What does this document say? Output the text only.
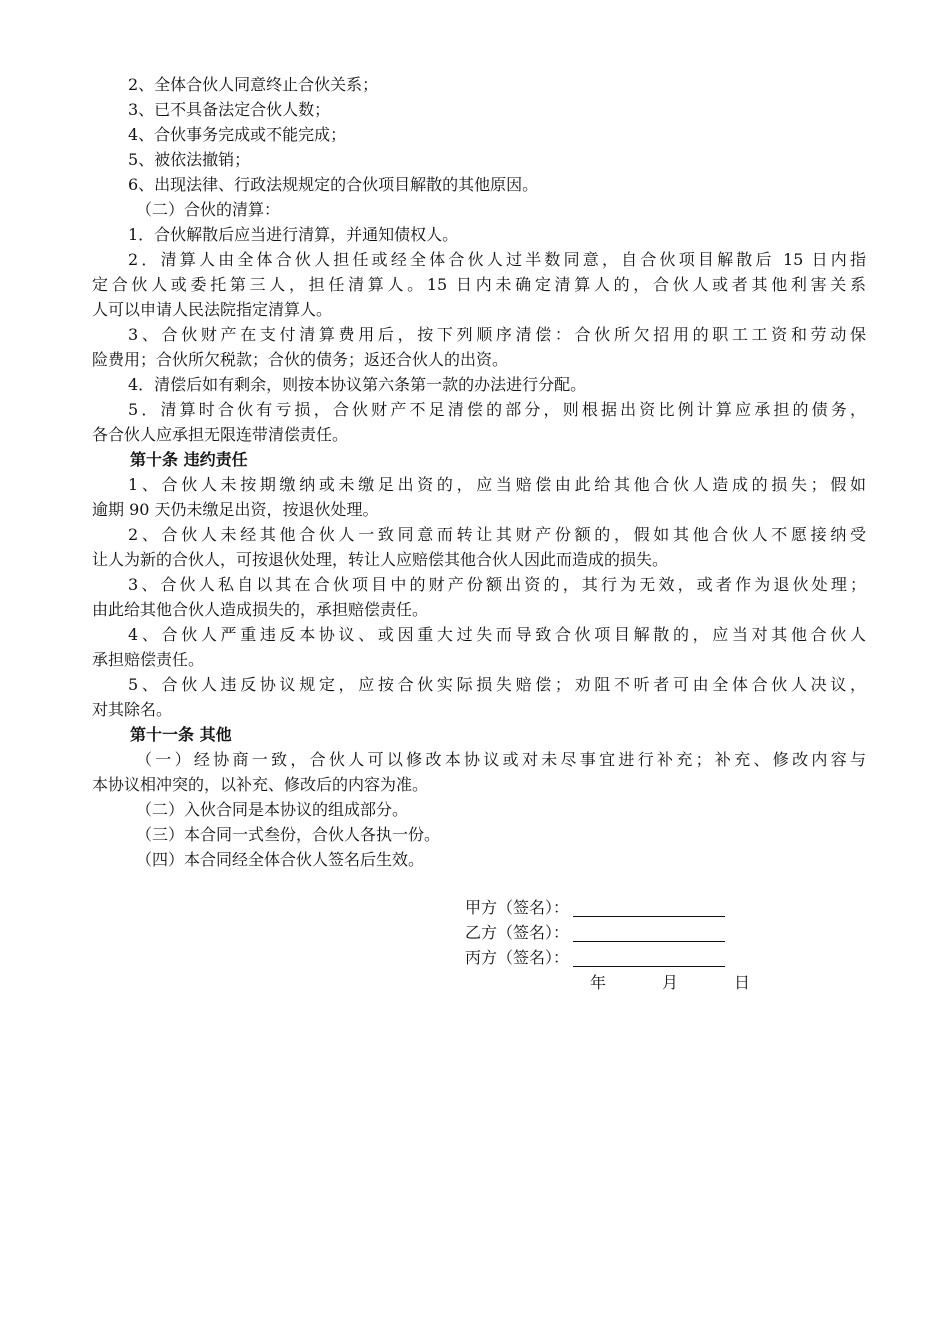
2、全体合伙人同意终止合伙关系；
3、已不具备法定合伙人数；
4、合伙事务完成或不能完成；
5、被依法撤销；
6、出现法律、行政法规规定的合伙项目解散的其他原因。
（二）合伙的清算：
1．合伙解散后应当进行清算，并通知债权人。
2．清算人由全体合伙人担任或经全体合伙人过半数同意，自合伙项目解散后 15 日内指
定合伙人或委托第三人，担任清算人。15 日内未确定清算人的，合伙人或者其他利害关系
人可以申请人民法院指定清算人。
3、合伙财产在支付清算费用后，按下列顺序清偿：合伙所欠招用的职工工资和劳动保
险费用；合伙所欠税款；合伙的债务；返还合伙人的出资。
4．清偿后如有剩余，则按本协议第六条第一款的办法进行分配。
5．清算时合伙有亏损，合伙财产不足清偿的部分，则根据出资比例计算应承担的债务，
各合伙人应承担无限连带清偿责任。
第十条 违约责任
1、合伙人未按期缴纳或未缴足出资的，应当赔偿由此给其他合伙人造成的损失；假如
逾期 90 天仍未缴足出资，按退伙处理。
2、合伙人未经其他合伙人一致同意而转让其财产份额的，假如其他合伙人不愿接纳受
让人为新的合伙人，可按退伙处理，转让人应赔偿其他合伙人因此而造成的损失。
3、合伙人私自以其在合伙项目中的财产份额出资的，其行为无效，或者作为退伙处理；
由此给其他合伙人造成损失的，承担赔偿责任。
4、合伙人严重违反本协议、或因重大过失而导致合伙项目解散的，应当对其他合伙人
承担赔偿责任。
5、合伙人违反协议规定，应按合伙实际损失赔偿；劝阻不听者可由全体合伙人决议，
对其除名。
第十一条 其他
（一）经协商一致，合伙人可以修改本协议或对未尽事宜进行补充；补充、修改内容与
本协议相冲突的，以补充、修改后的内容为准。
（二）入伙合同是本协议的组成部分。
（三）本合同一式叁份，合伙人各执一份。
（四）本合同经全体合伙人签名后生效。
甲方（签名）：
乙方（签名）：
丙方（签名）：
年	月	日
